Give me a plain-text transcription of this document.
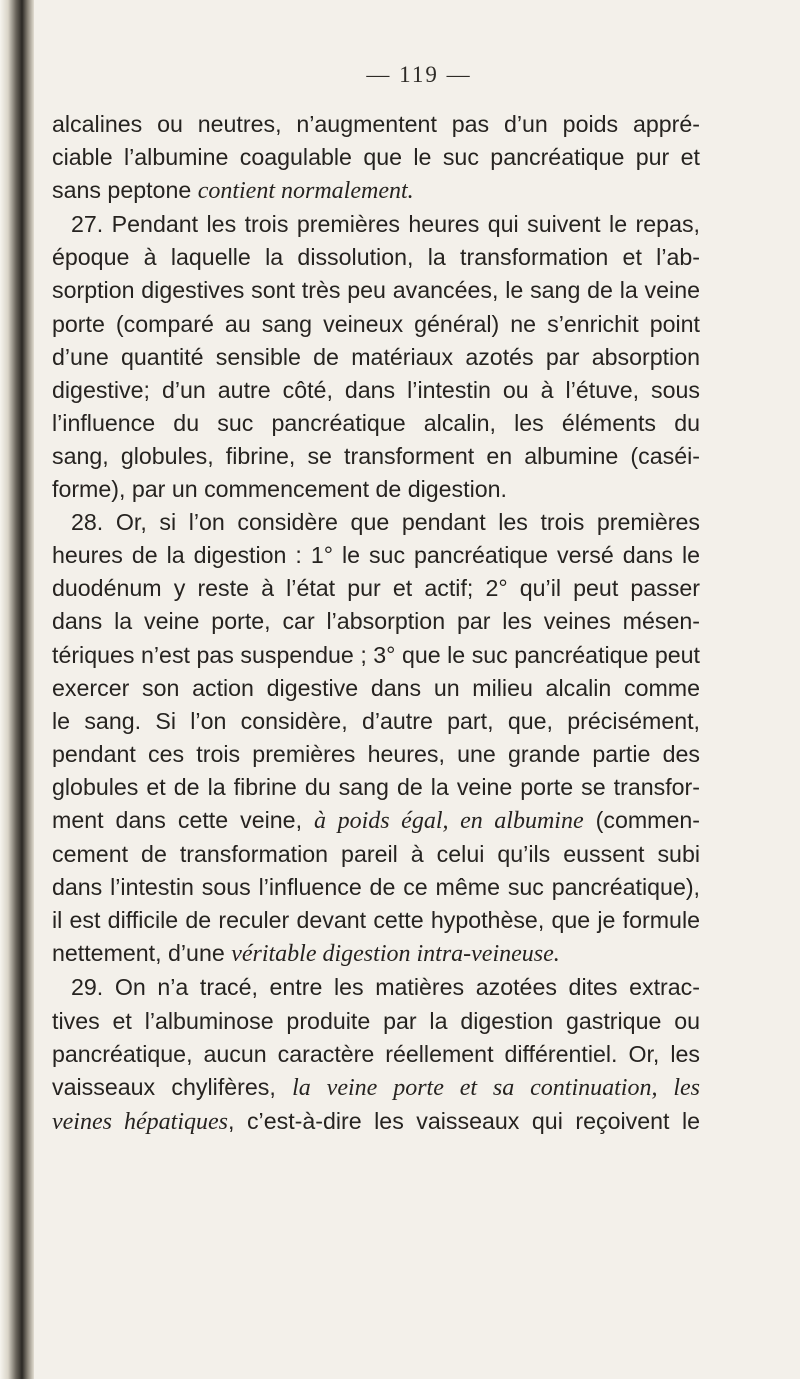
— 119 —
alcalines ou neutres, n’augmentent pas d’un poids appré-
ciable l’albumine coagulable que le suc pancréatique pur et
sans peptone contient normalement.
27. Pendant les trois premières heures qui suivent le repas,
époque à laquelle la dissolution, la transformation et l’ab-
sorption digestives sont très peu avancées, le sang de la veine
porte (comparé au sang veineux général) ne s’enrichit point
d’une quantité sensible de matériaux azotés par absorption
digestive; d’un autre côté, dans l’intestin ou à l’étuve, sous
l’influence du suc pancréatique alcalin, les éléments du
sang, globules, fibrine, se transforment en albumine (caséi-
forme), par un commencement de digestion.
28. Or, si l’on considère que pendant les trois premières
heures de la digestion : 1° le suc pancréatique versé dans le
duodénum y reste à l’état pur et actif; 2° qu’il peut passer
dans la veine porte, car l’absorption par les veines mésen-
tériques n’est pas suspendue ; 3° que le suc pancréatique peut
exercer son action digestive dans un milieu alcalin comme
le sang. Si l’on considère, d’autre part, que, précisément,
pendant ces trois premières heures, une grande partie des
globules et de la fibrine du sang de la veine porte se transfor-
ment dans cette veine, à poids égal, en albumine (commen-
cement de transformation pareil à celui qu’ils eussent subi
dans l’intestin sous l’influence de ce même suc pancréatique),
il est difficile de reculer devant cette hypothèse, que je formule
nettement, d’une véritable digestion intra-veineuse.
29. On n’a tracé, entre les matières azotées dites extrac-
tives et l’albuminose produite par la digestion gastrique ou
pancréatique, aucun caractère réellement différentiel. Or, les
vaisseaux chylifères, la veine porte et sa continuation, les
veines hépatiques, c’est-à-dire les vaisseaux qui reçoivent le
